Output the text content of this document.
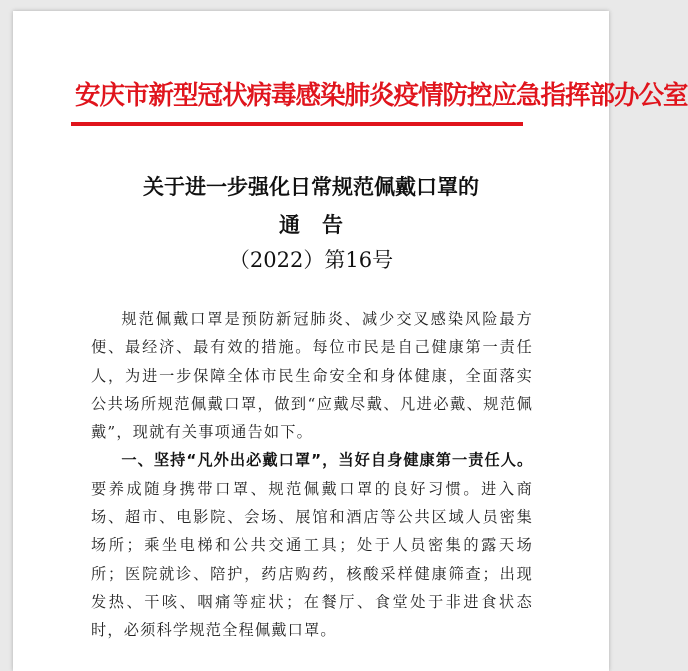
安庆市新型冠状病毒感染肺炎疫情防控应急指挥部办公室
关于进一步强化日常规范佩戴口罩的
通告
（2022）第16号

规范佩戴口罩是预防新冠肺炎、减少交叉感染风险最方便、最经济、最有效的措施。每位市民是自己健康第一责任人，为进一步保障全体市民生命安全和身体健康，全面落实公共场所规范佩戴口罩，做到“应戴尽戴、凡进必戴、规范佩戴”，现就有关事项通告如下。

一、坚持“凡外出必戴口罩”，当好自身健康第一责任人。要养成随身携带口罩、规范佩戴口罩的良好习惯。进入商场、超市、电影院、会场、展馆和酒店等公共区域人员密集场所；乘坐电梯和公共交通工具；处于人员密集的露天场所；医院就诊、陪护，药店购药，核酸采样健康筛查；出现发热、干咳、咽痛等症状；在餐厅、食堂处于非进食状态时，必须科学规范全程佩戴口罩。
